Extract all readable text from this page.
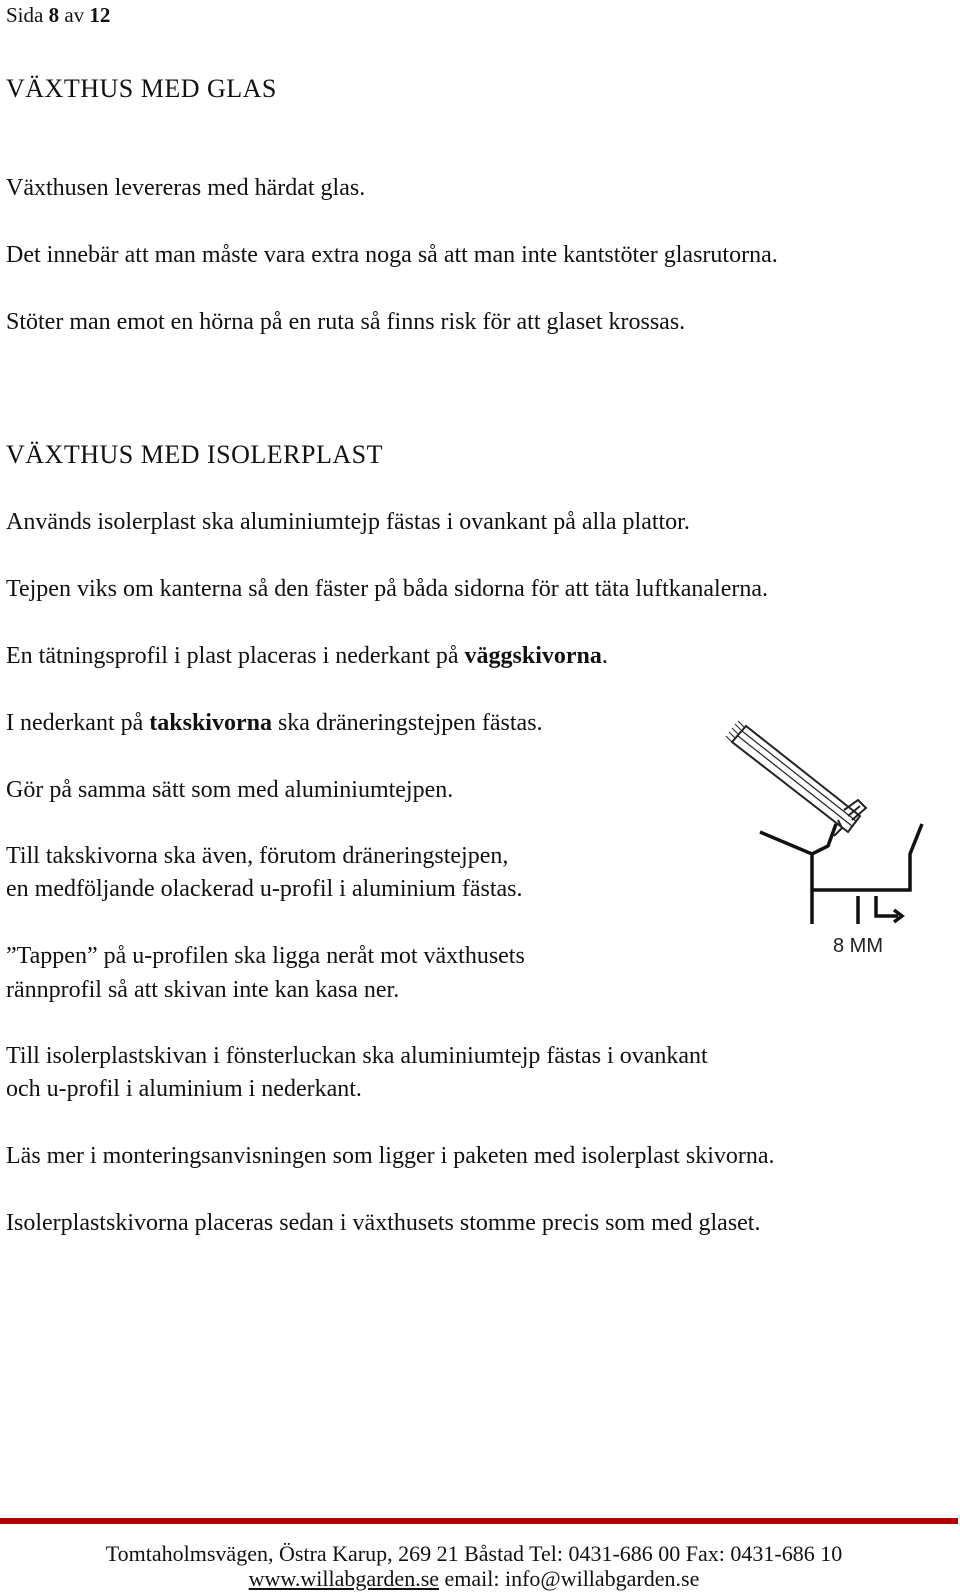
Sida 8 av 12
VÄXTHUS MED GLAS
Växthusen levereras med härdat glas.
Det innebär att man måste vara extra noga så att man inte kantstöter glasrutorna.
Stöter man emot en hörna på en ruta så finns risk för att glaset krossas.
VÄXTHUS MED ISOLERPLAST
Används isolerplast ska aluminiumtejp fästas i ovankant på alla plattor.
Tejpen viks om kanterna så den fäster på båda sidorna för att täta luftkanalerna.
En tätningsprofil i plast placeras i nederkant på väggskivorna.
I nederkant på takskivorna ska dräneringstejpen fästas.
Gör på samma sätt som med aluminiumtejpen.
Till takskivorna ska även, förutom dräneringstejpen,
en medföljande olackerad u-profil i aluminium fästas.
”Tappen” på u-profilen ska ligga neråt mot växthusets
rännprofil så att skivan inte kan kasa ner.
Till isolerplastskivan i fönsterluckan ska aluminiumtejp fästas i ovankant
och u-profil i aluminium i nederkant.
Läs mer i monteringsanvisningen som ligger i paketen med isolerplast skivorna.
Isolerplastskivorna placeras sedan i växthusets stomme precis som med glaset.
8 MM
Tomtaholmsvägen, Östra Karup, 269 21 Båstad Tel: 0431-686 00 Fax: 0431-686 10
www.willabgarden.se email: info@willabgarden.se
